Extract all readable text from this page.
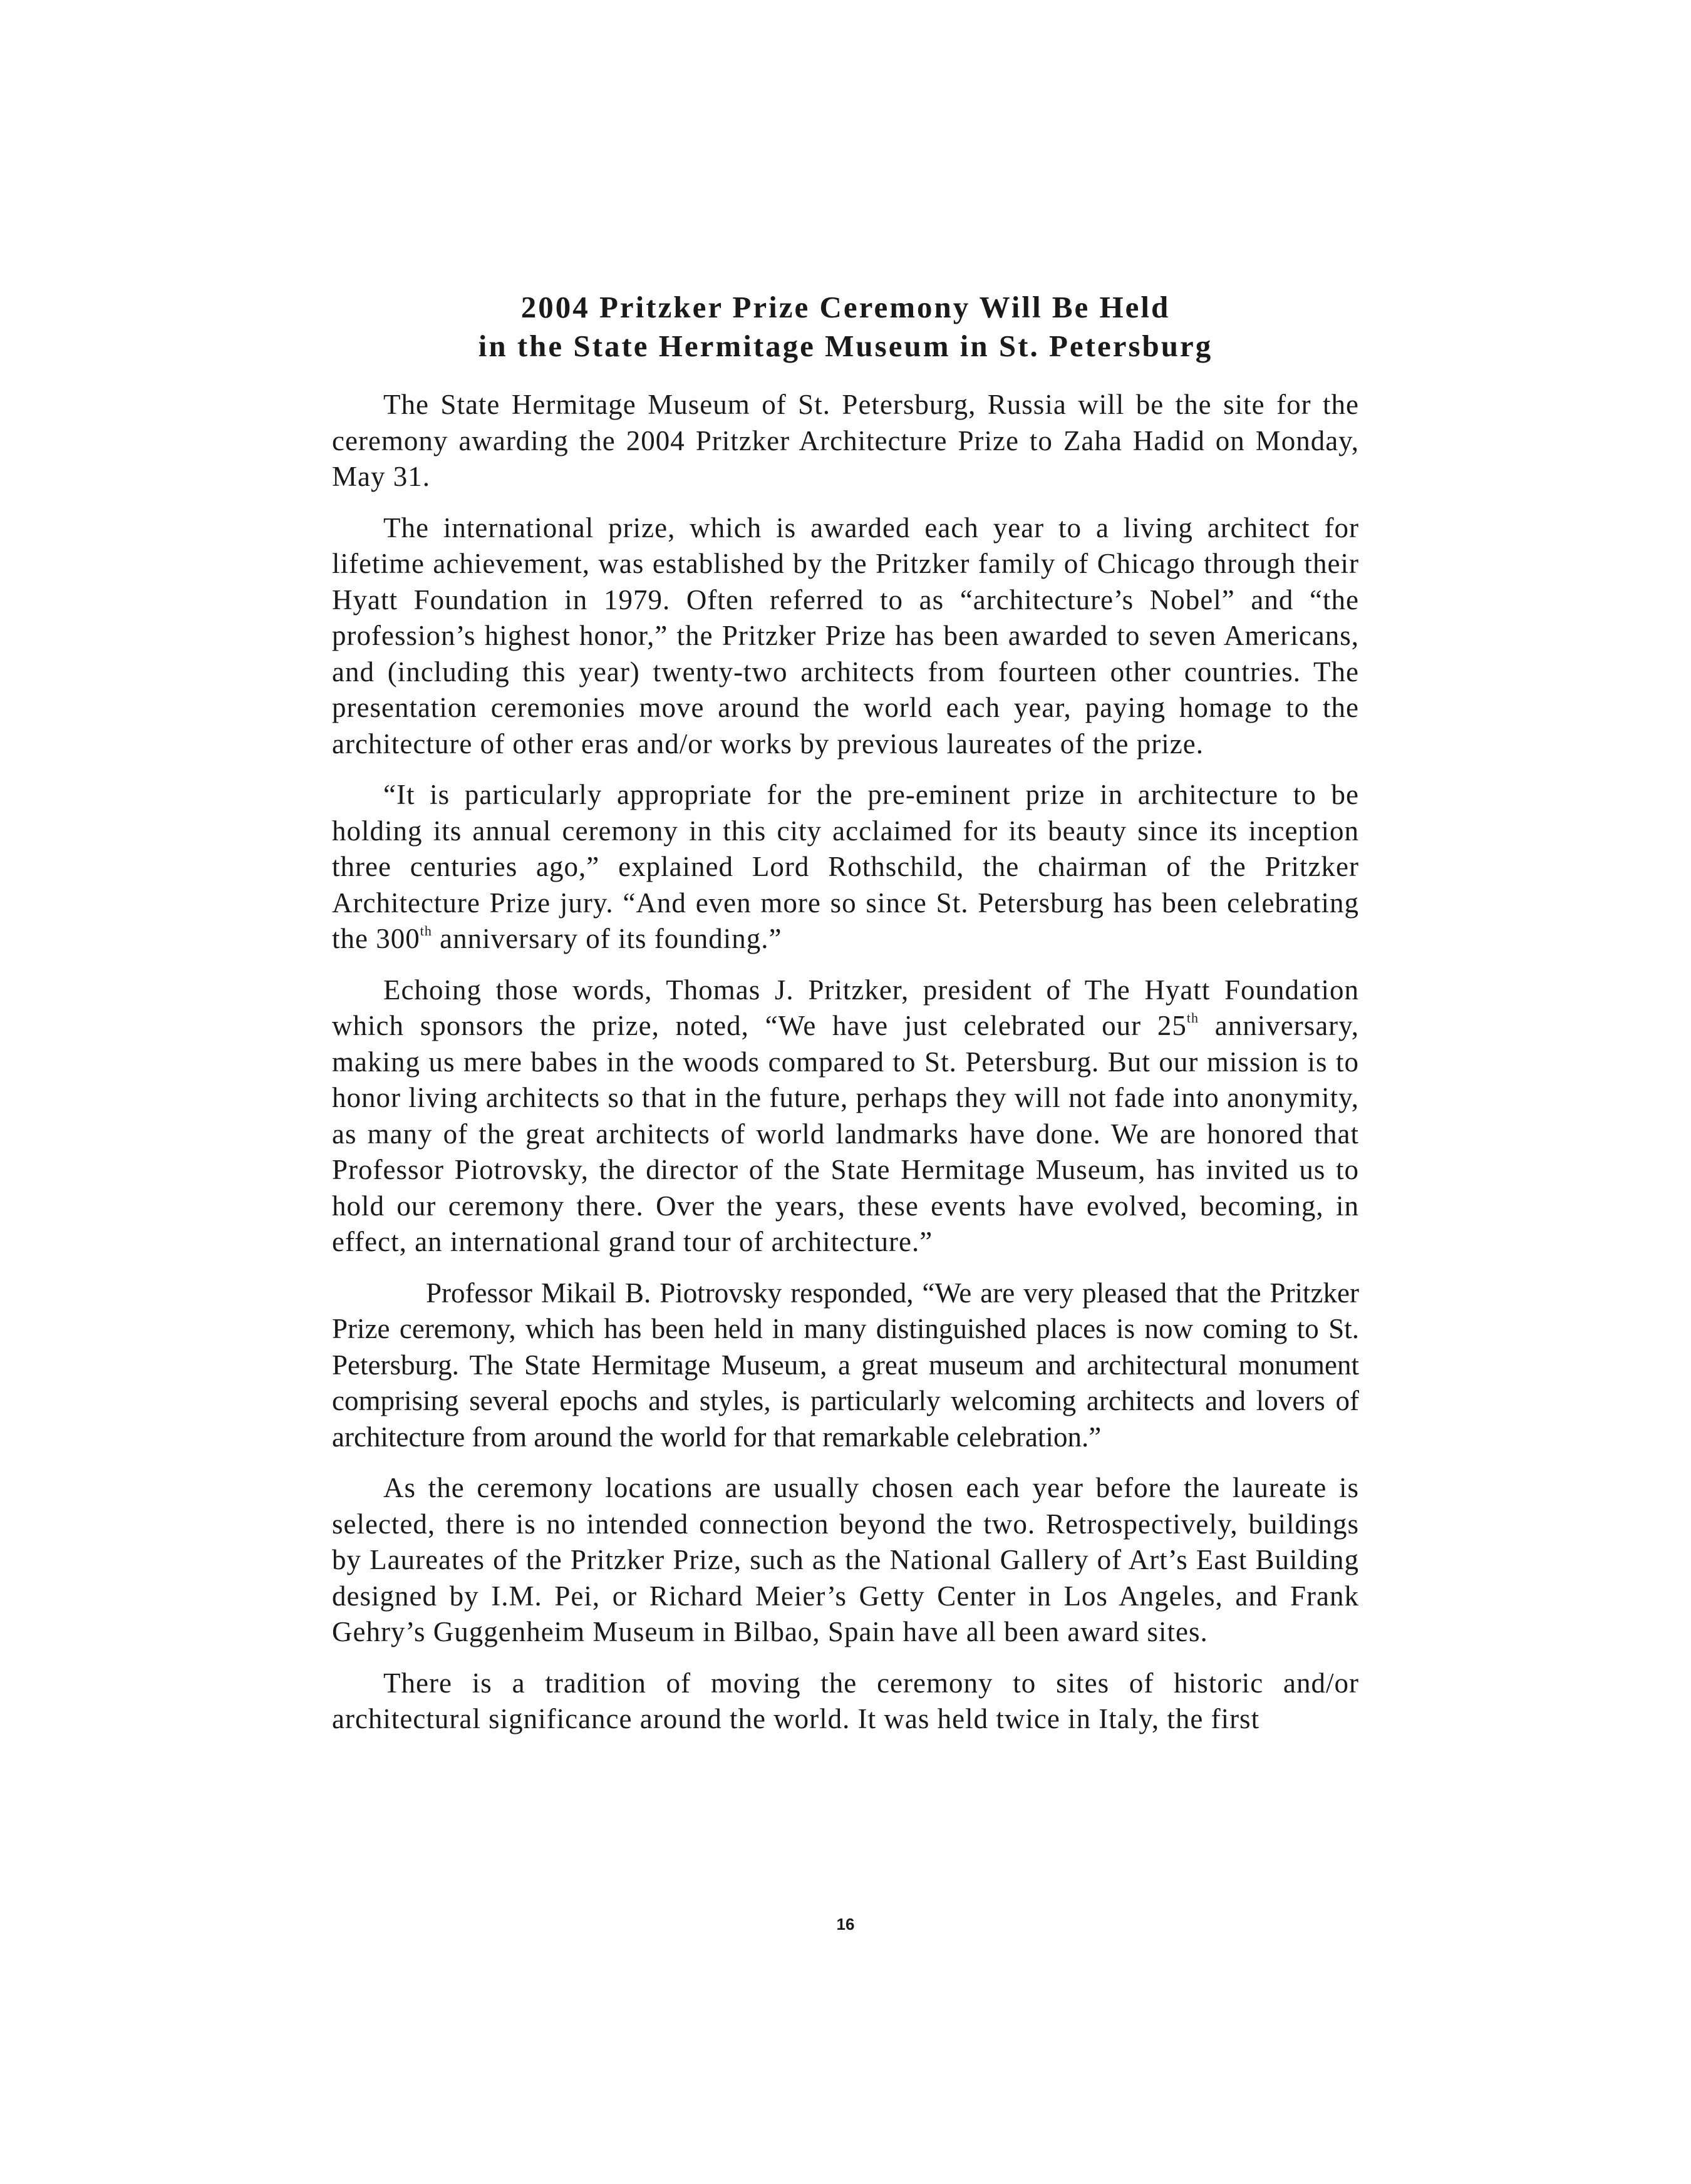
2004 Pritzker Prize Ceremony Will Be Held
in the State Hermitage Museum in St. Petersburg

The State Hermitage Museum of St. Petersburg, Russia will be the site for the ceremony awarding the 2004 Pritzker Architecture Prize to Zaha Hadid on Monday, May 31.

The international prize, which is awarded each year to a living architect for lifetime achievement, was established by the Pritzker family of Chicago through their Hyatt Foundation in 1979. Often referred to as “architecture’s Nobel” and “the profession’s highest honor,” the Pritzker Prize has been awarded to seven Americans, and (including this year) twenty-two architects from fourteen other countries. The presentation ceremonies move around the world each year, paying homage to the architecture of other eras and/or works by previous laureates of the prize.

“It is particularly appropriate for the pre-eminent prize in architecture to be holding its annual ceremony in this city acclaimed for its beauty since its inception three centuries ago,” explained Lord Rothschild, the chairman of the Pritzker Architecture Prize jury. “And even more so since St. Petersburg has been celebrating the 300th anniversary of its founding.”

Echoing those words, Thomas J. Pritzker, president of The Hyatt Foundation which sponsors the prize, noted, “We have just celebrated our 25th anniversary, making us mere babes in the woods compared to St. Petersburg. But our mission is to honor living architects so that in the future, perhaps they will not fade into anonymity, as many of the great architects of world landmarks have done. We are honored that Professor Piotrovsky, the director of the State Hermitage Museum, has invited us to hold our ceremony there. Over the years, these events have evolved, becoming, in effect, an international grand tour of architecture.”

Professor Mikail B. Piotrovsky responded, “We are very pleased that the Pritzker Prize ceremony, which has been held in many distinguished places is now coming to St. Petersburg. The State Hermitage Museum, a great museum and architectural monument comprising several epochs and styles, is particularly welcoming architects and lovers of architecture from around the world for that remarkable celebration.”

As the ceremony locations are usually chosen each year before the laureate is selected, there is no intended connection beyond the two. Retrospectively, buildings by Laureates of the Pritzker Prize, such as the National Gallery of Art’s East Building designed by I.M. Pei, or Richard Meier’s Getty Center in Los Angeles, and Frank Gehry’s Guggenheim Museum in Bilbao, Spain have all been award sites.

There is a tradition of moving the ceremony to sites of historic and/or architectural significance around the world. It was held twice in Italy, the first

16
